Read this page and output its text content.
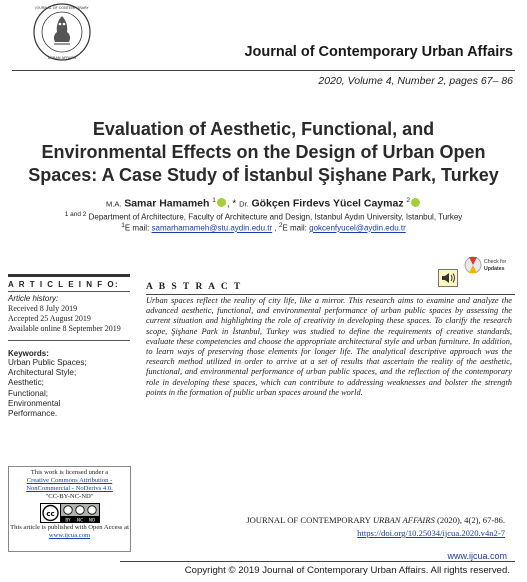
JOURNAL OF CONTEMPORARY
URBAN AFFAIRS	Journal of Contemporary Urban Affairs
2020, Volume 4, Number 2, pages 67– 86
Evaluation of Aesthetic, Functional, and
Environmental Effects on the Design of Urban Open
Spaces: A Case Study of İstanbul Şişhane Park, Turkey
M.A. Samar Hamameh $^1$ , * Dr. Gökçen Firdevs Yücel Caymaz $^2$
$^{1 and 2}$ Department of Architecture, Faculty of Architecture and Design, Istanbul Aydın University, Istanbul, Turkey
$^1$E mail: samarhamameh@stu.aydin.edu.tr , $^2$E mail: gokcenfyucel@aydin.edu.tr
A R T I C L E I N F O:
Article history:
Received 8 July 2019
Accepted 25 August 2019
Available online 8 September 2019
Keywords:
Urban Public Spaces;
Architectural Style;
Aesthetic;
Functional;
Environmental
Performance.
A B S T R A C T
Check for
Updates
Urban spaces reflect the reality of city life, like a mirror. This research aims to examine and analyze the advanced aesthetic, functional, and environmental performance of urban public spaces by assessing the current situation and highlighting the role of creativity in developing these spaces. To clarify the research scope, Şişhane Park in İstanbul, Turkey was studied to define the requirements of creative standards, evaluate these competencies and choose the appropriate architectural style and urban furniture. In addition, to learn ways of preserving those elements for longer life. The analytical descriptive approach was the research method utilized in order to arrive at a set of results that ascertain the reality of the aesthetic, functional, and environmental performance of urban public spaces, and the reflection of the contemporary role in developing these spaces, which can contribute to addressing weaknesses and bolster the strength points in the formation of public urban spaces around the world.
This work is licensed under a
Creative Commons Attribution - NonCommercial - NoDerivs 4.0.
"CC-BY-NC-ND"
cc
BY NC ND
This article is published with Open Access at
www.ijcua.com
JOURNAL OF CONTEMPORARY URBAN AFFAIRS (2020), 4(2), 67-86.
https://doi.org/10.25034/ijcua.2020.v4n2-7
www.ijcua.com
Copyright © 2019 Journal of Contemporary Urban Affairs. All rights reserved.
